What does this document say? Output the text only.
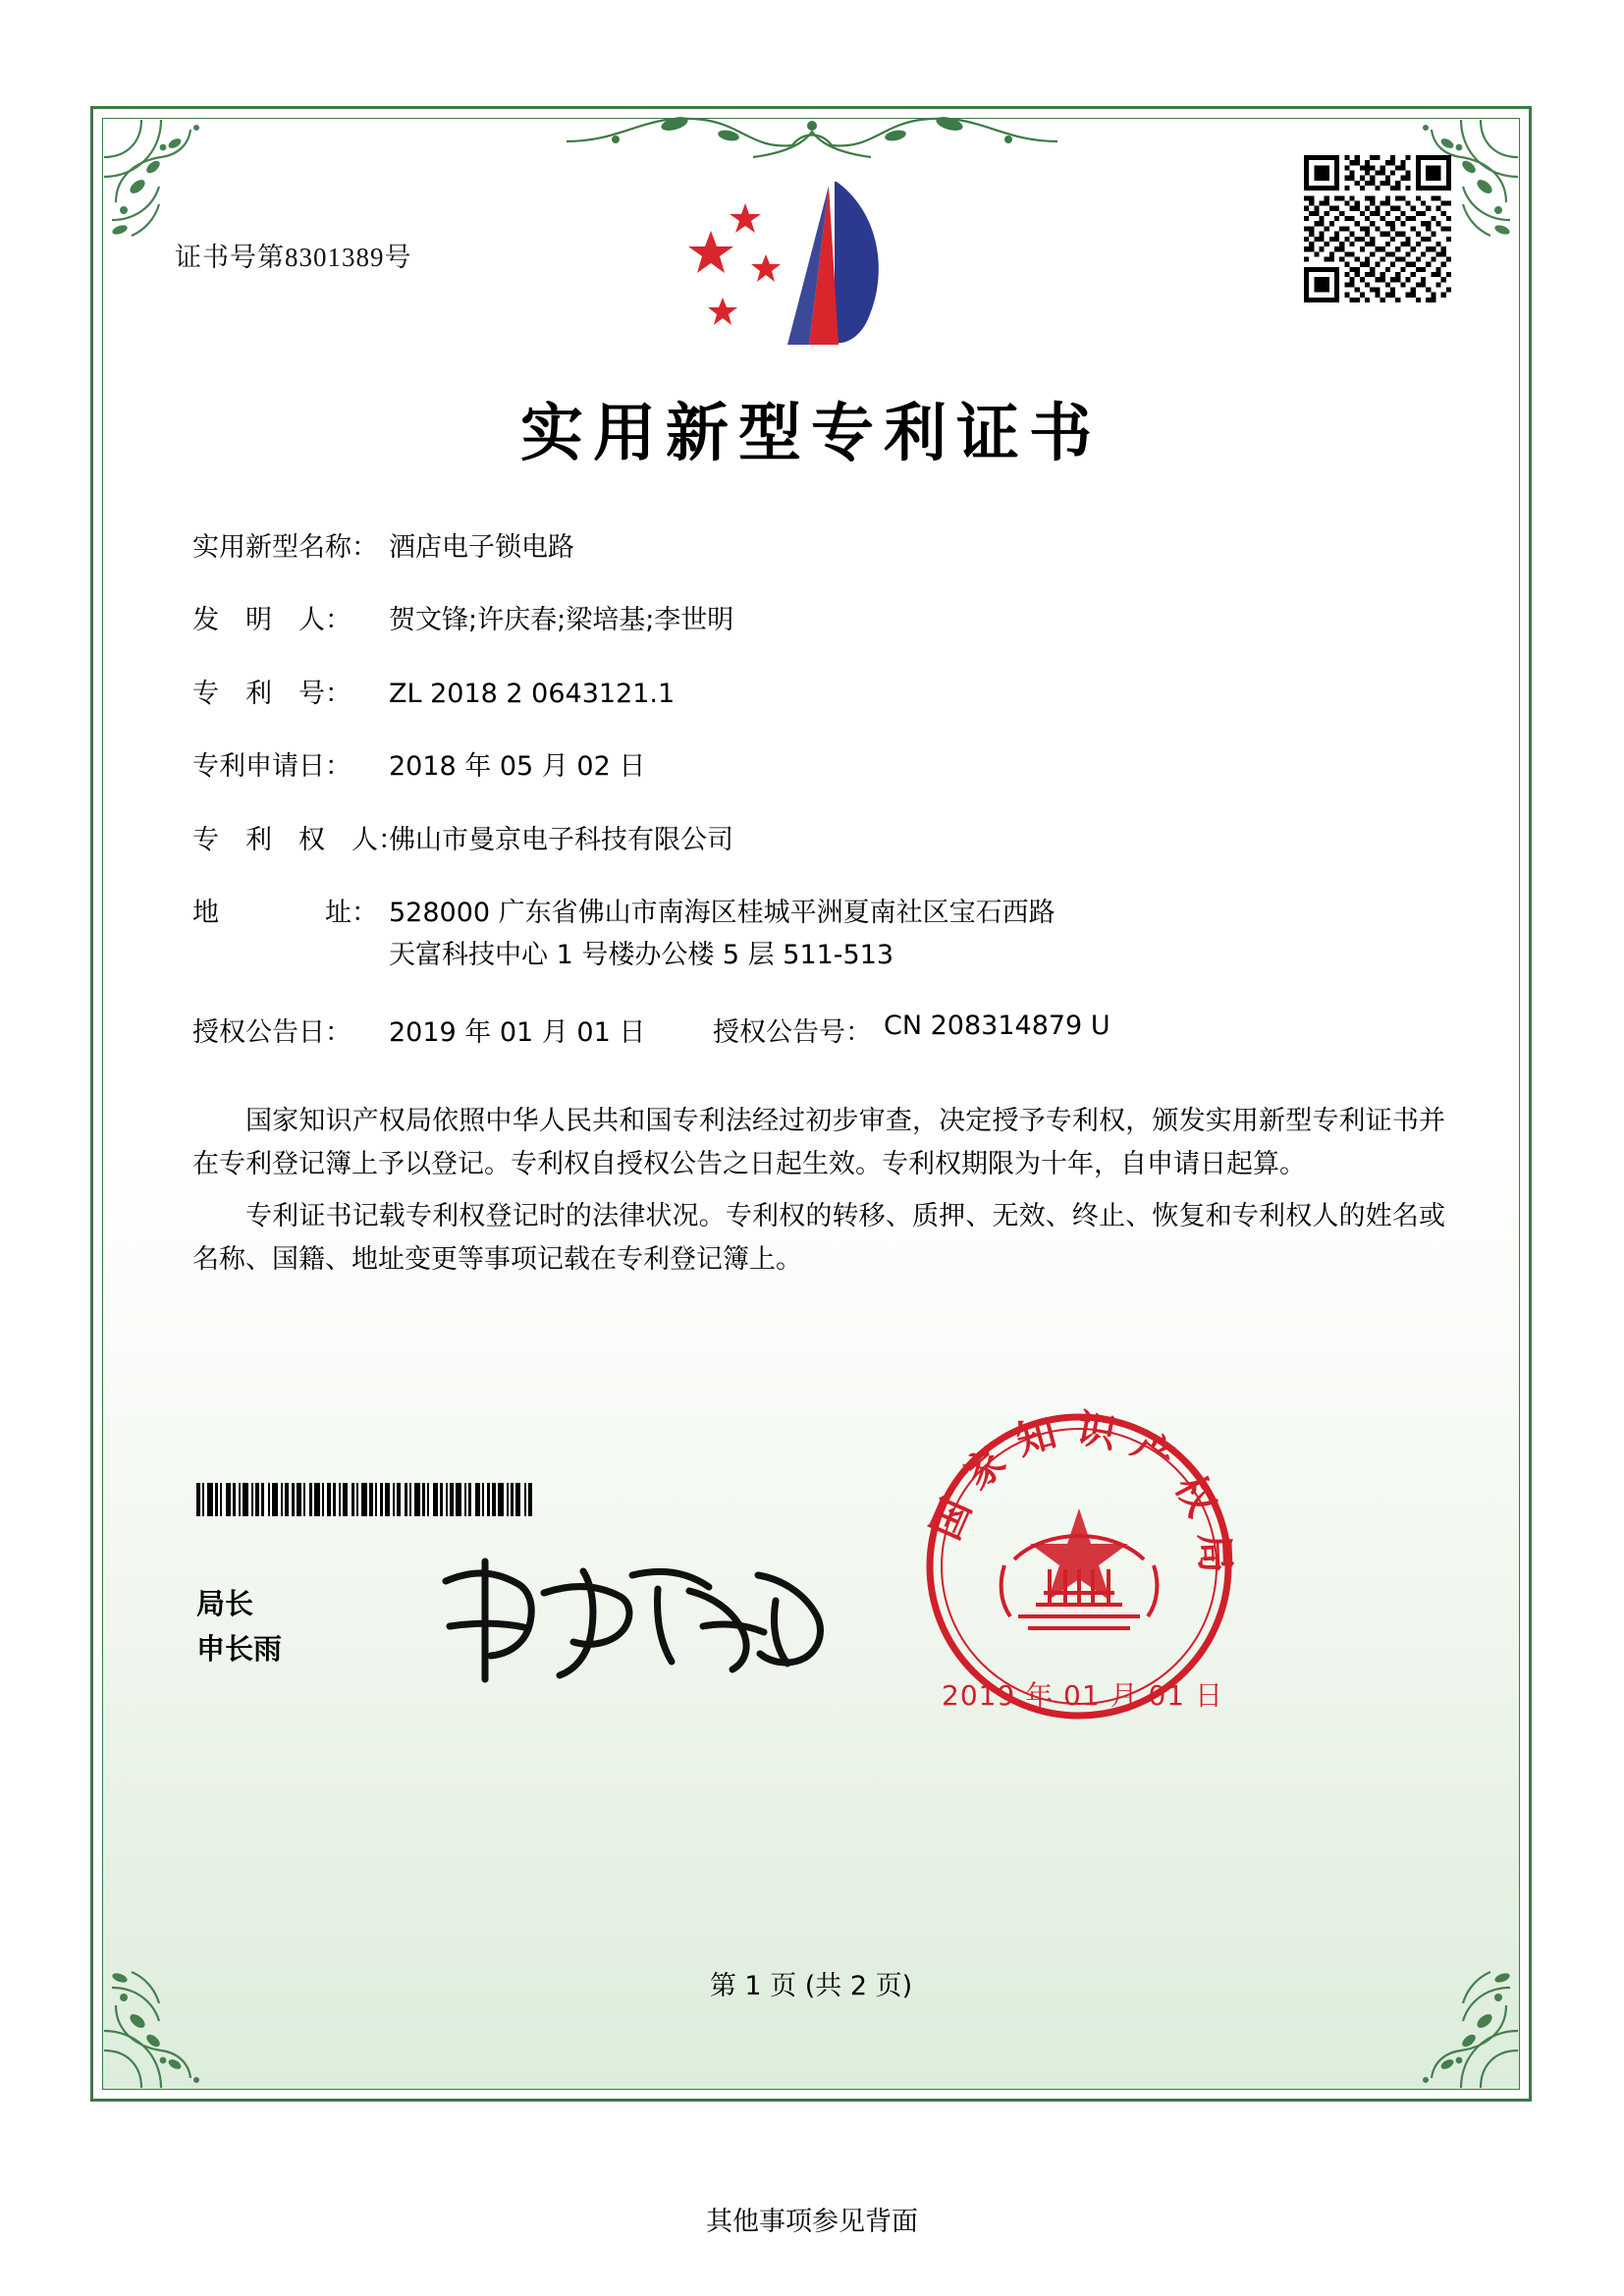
证书号第8301389号
实用新型专利证书
实用新型名称： 酒店电子锁电路
发　明　人：	贺文锋;许庆春;梁培基;李世明
专　利　号：	ZL 2018 2 0643121.1
专利申请日：	2018 年 05 月 02 日
专　利　权　人：
佛山市曼京电子科技有限公司
地　　　　址： 528000 广东省佛山市南海区桂城平洲夏南社区宝石西路
天富科技中心 1 号楼办公楼 5 层 511-513
授权公告日：	2019 年 01 月 01 日	授权公告号： CN 208314879 U

国家知识产权局依照中华人民共和国专利法经过初步审查，决定授予专利权，颁发实用新型专利证书并在专利登记簿上予以登记。专利权自授权公告之日起生效。专利权期限为十年，自申请日起算。

专利证书记载专利权登记时的法律状况。专利权的转移、质押、无效、终止、恢复和专利权人的姓名或名称、国籍、地址变更等事项记载在专利登记簿上。

局长
申长雨
国家知识产权局
2019 年 01 月 01 日
第 1 页 (共 2 页)
其他事项参见背面
